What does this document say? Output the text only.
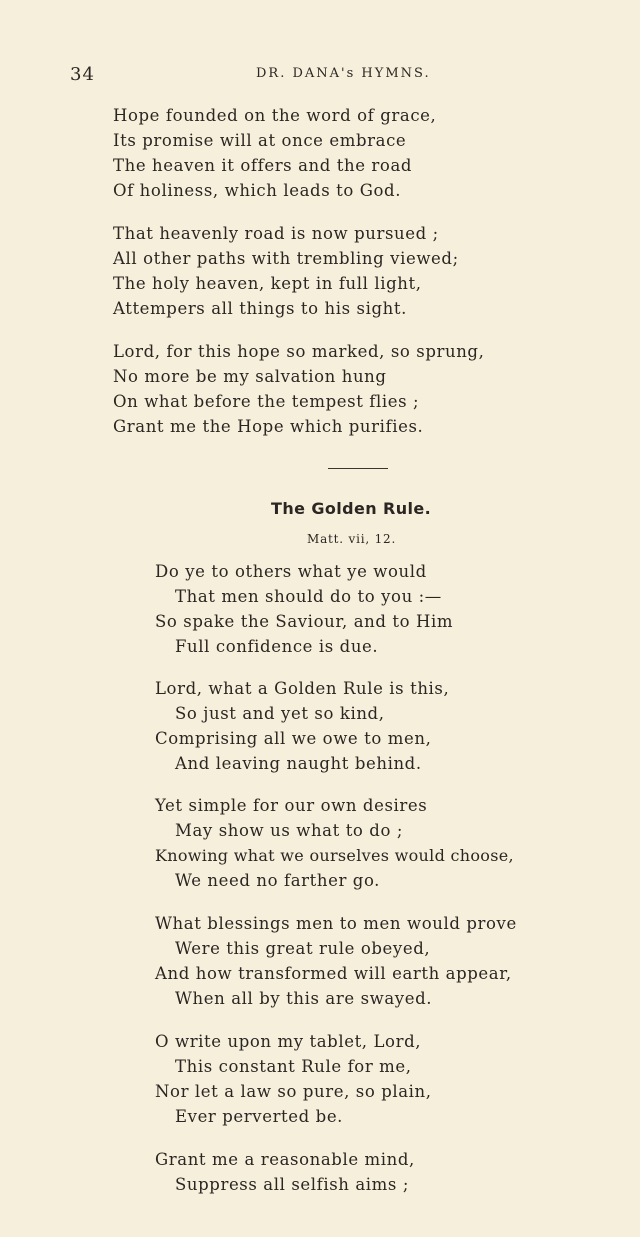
34	DR. DANA's HYMNS.
Hope founded on the word of grace,
Its promise will at once embrace
The heaven it offers and the road
Of holiness, which leads to God.
That heavenly road is now pursued ;
All other paths with trembling viewed;
The holy heaven, kept in full light,
Attempers all things to his sight.
Lord, for this hope so marked, so sprung,
No more be my salvation hung
On what before the tempest flies ;
Grant me the Hope which purifies.
The Golden Rule.
Matt. vii, 12.
Do ye to others what ye would
That men should do to you :—
So spake the Saviour, and to Him
Full confidence is due.
Lord, what a Golden Rule is this,
So just and yet so kind,
Comprising all we owe to men,
And leaving naught behind.
Yet simple for our own desires
May show us what to do ;
Knowing what we ourselves would choose,
We need no farther go.
What blessings men to men would prove
Were this great rule obeyed,
And how transformed will earth appear,
When all by this are swayed.
O write upon my tablet, Lord,
This constant Rule for me,
Nor let a law so pure, so plain,
Ever perverted be.
Grant me a reasonable mind,
Suppress all selfish aims ;
